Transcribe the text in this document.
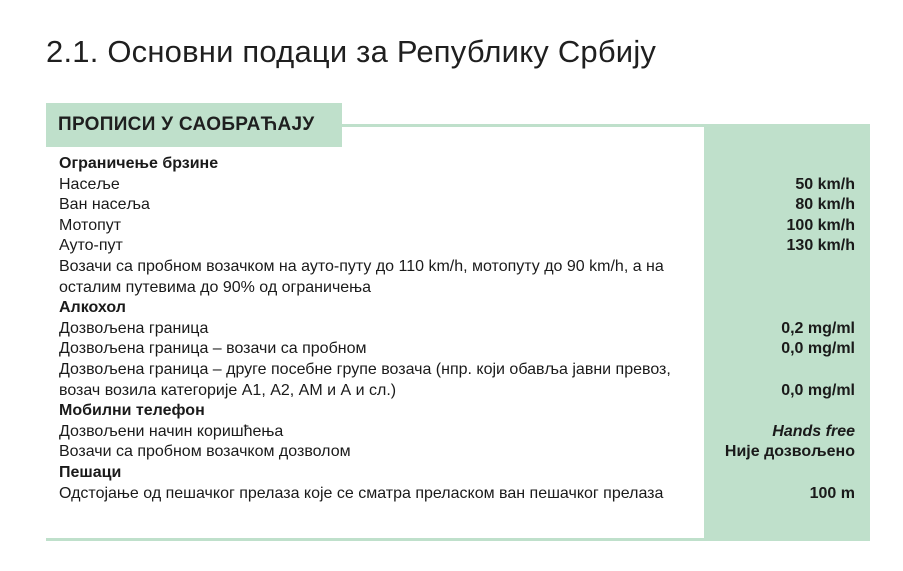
2.1. Основни подаци за Републику Србију
ПРОПИСИ У САОБРАЋАЈУ
Ограничење брзине
Насеље	50 km/h
Ван насеља	80 km/h
Мотопут	100 km/h
Ауто-пут	130 km/h
Возачи са пробном возачком на ауто-путу до 110 km/h, мотопуту до 90 km/h, а на осталим путевима до 90% од ограничења
Алкохол
Дозвољена граница	0,2 mg/ml
Дозвољена граница – возачи са пробном	0,0 mg/ml
Дозвољена граница – друге посебне групе возача (нпр. који обавља јавни превоз, возач возила категорије А1, А2, АМ и А и сл.)	0,0 mg/ml
Мобилни телефон
Дозвољени начин коришћења	Hands free
Возачи са пробном возачком дозволом	Није дозвољено
Пешаци
Одстојање од пешачког прелаза које се сматра преласком ван пешачког прелаза	100 m
